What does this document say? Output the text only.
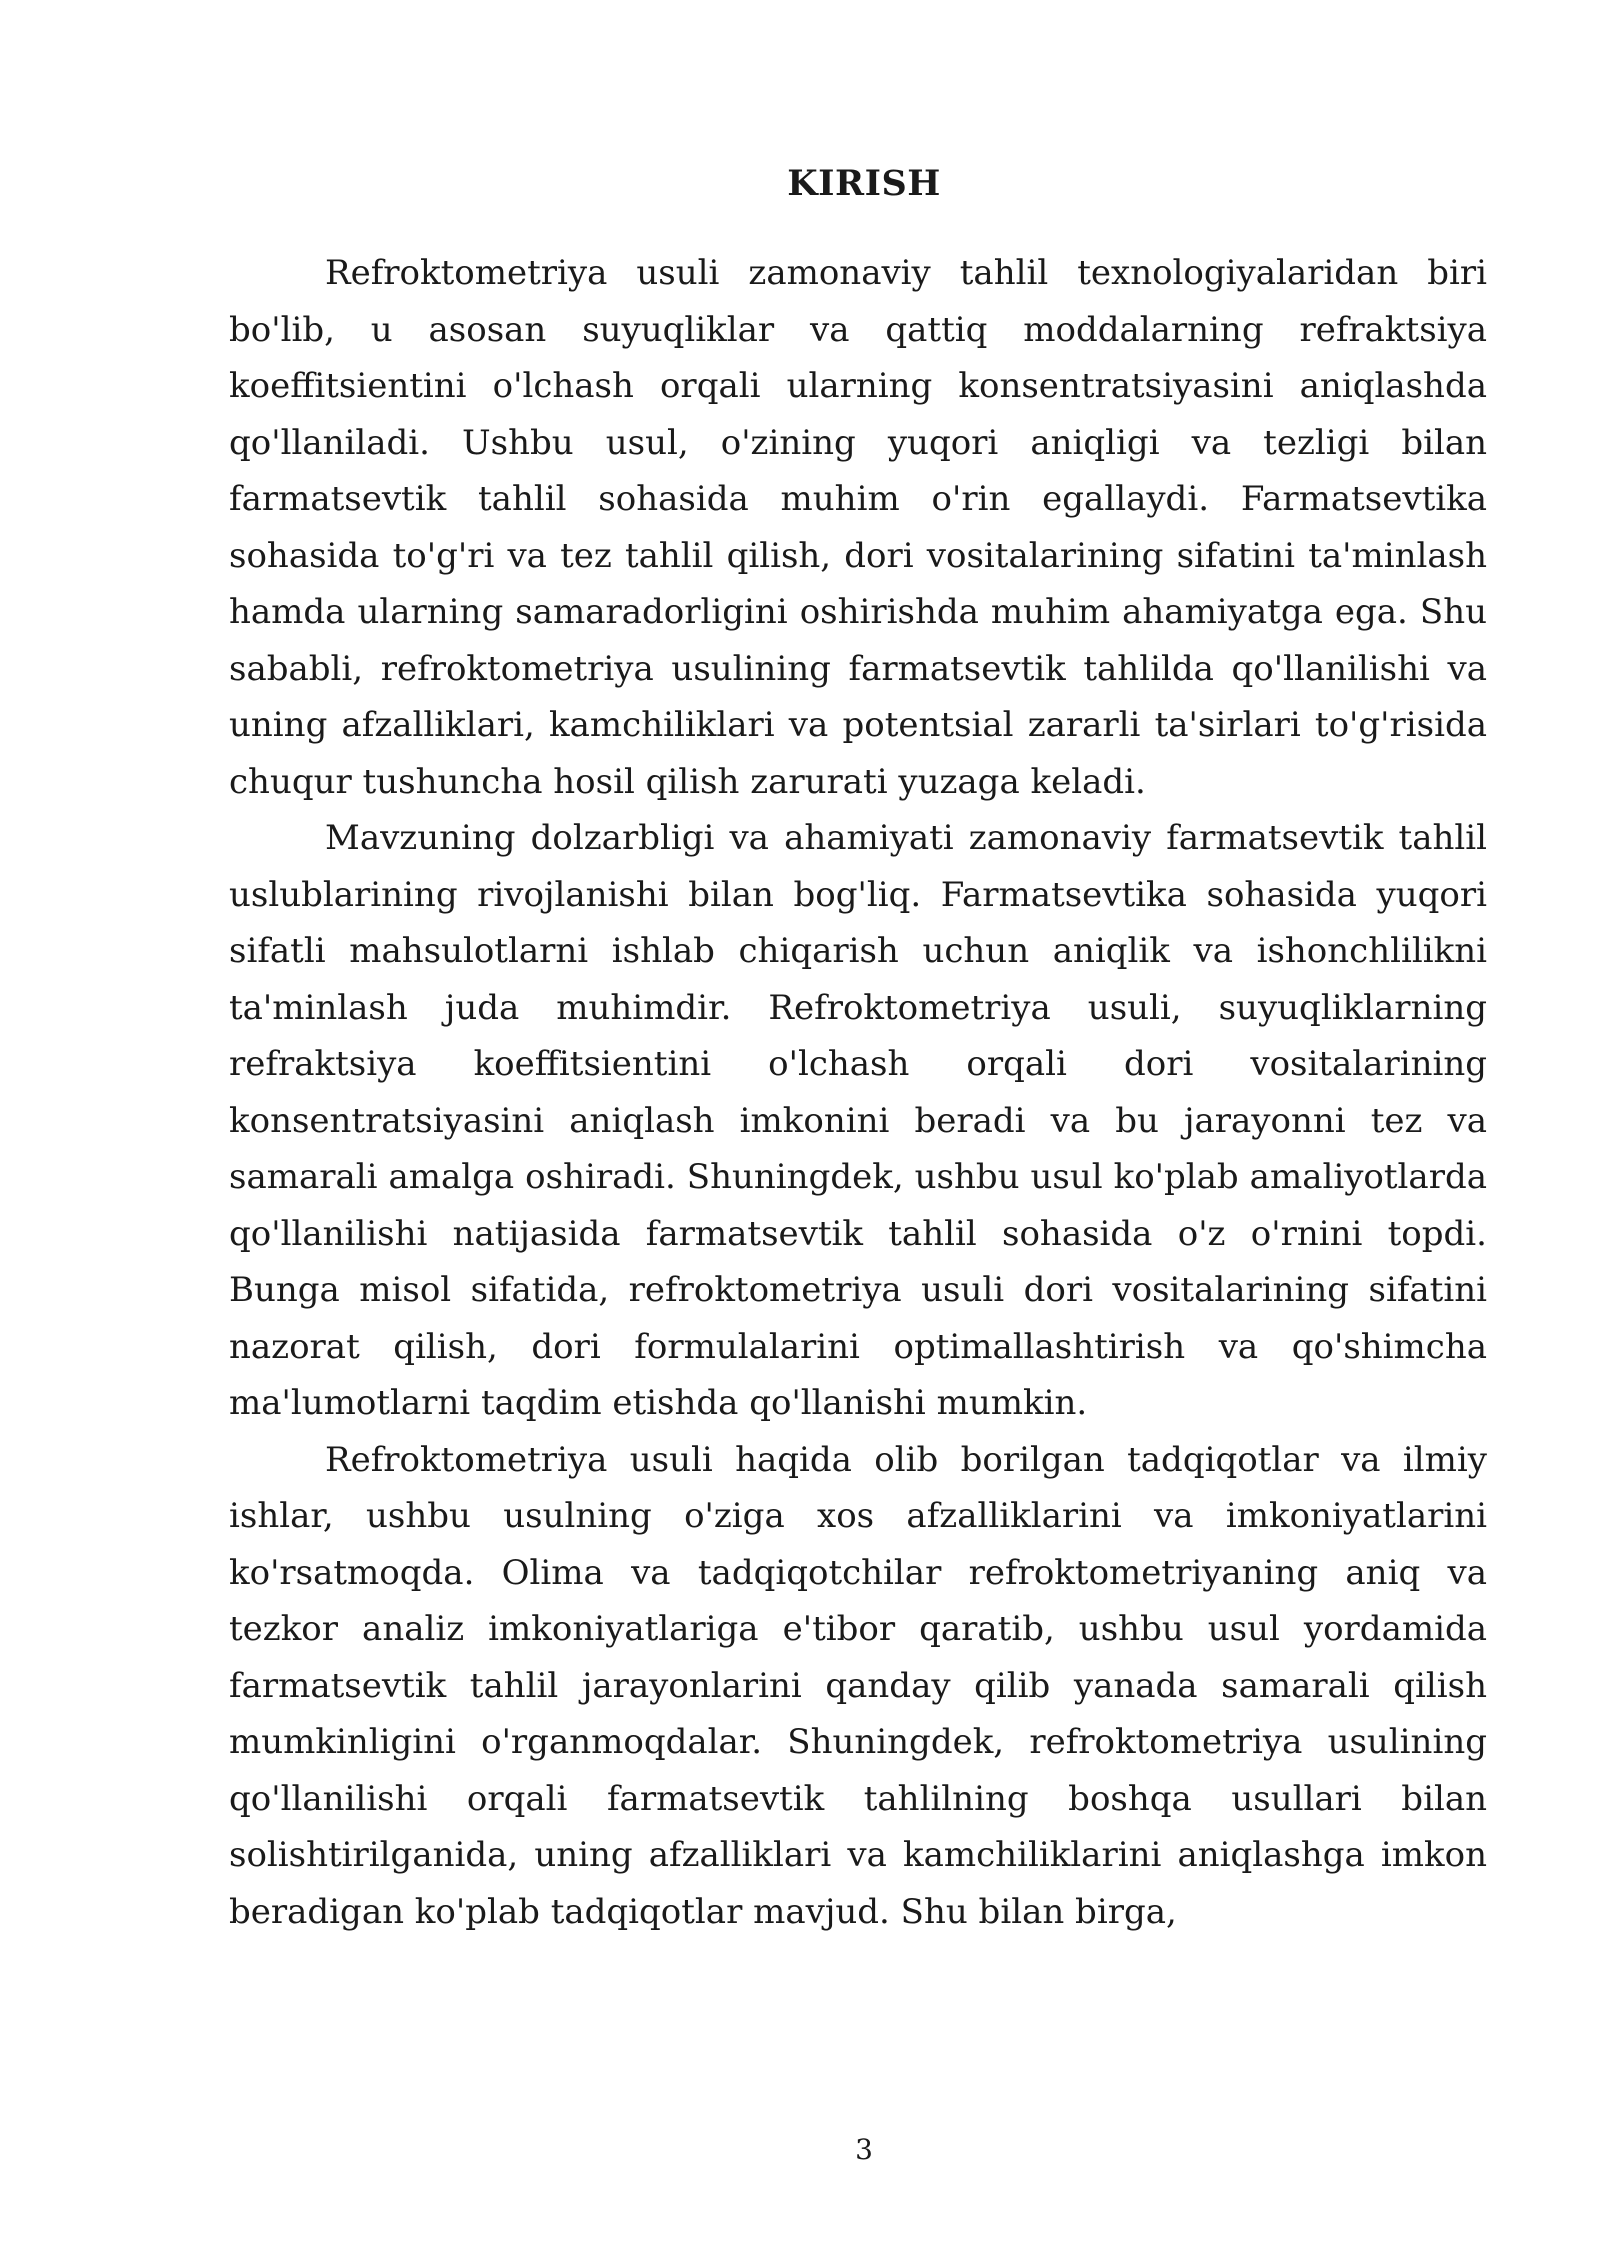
KIRISH

Refroktometriya usuli zamonaviy tahlil texnologiyalaridan biri bo'lib, u asosan suyuqliklar va qattiq moddalarning refraktsiya koeffitsientini o'lchash orqali ularning konsentratsiyasini aniqlashda qo'llaniladi. Ushbu usul, o'zining yuqori aniqligi va tezligi bilan farmatsevtik tahlil sohasida muhim o'rin egallaydi. Farmatsevtika sohasida to'g'ri va tez tahlil qilish, dori vositalarining sifatini ta'minlash hamda ularning samaradorligini oshirishda muhim ahamiyatga ega. Shu sababli, refroktometriya usulining farmatsevtik tahlilda qo'llanilishi va uning afzalliklari, kamchiliklari va potentsial zararli ta'sirlari to'g'risida chuqur tushuncha hosil qilish zarurati yuzaga keladi.

Mavzuning dolzarbligi va ahamiyati zamonaviy farmatsevtik tahlil uslublarining rivojlanishi bilan bog'liq. Farmatsevtika sohasida yuqori sifatli mahsulotlarni ishlab chiqarish uchun aniqlik va ishonchlilikni ta'minlash juda muhimdir. Refroktometriya usuli, suyuqliklarning refraktsiya koeffitsientini o'lchash orqali dori vositalarining konsentratsiyasini aniqlash imkonini beradi va bu jarayonni tez va samarali amalga oshiradi. Shuningdek, ushbu usul ko'plab amaliyotlarda qo'llanilishi natijasida farmatsevtik tahlil sohasida o'z o'rnini topdi. Bunga misol sifatida, refroktometriya usuli dori vositalarining sifatini nazorat qilish, dori formulalarini optimallashtirish va qo'shimcha ma'lumotlarni taqdim etishda qo'llanishi mumkin.

Refroktometriya usuli haqida olib borilgan tadqiqotlar va ilmiy ishlar, ushbu usulning o'ziga xos afzalliklarini va imkoniyatlarini ko'rsatmoqda. Olima va tadqiqotchilar refroktometriyaning aniq va tezkor analiz imkoniyatlariga e'tibor qaratib, ushbu usul yordamida farmatsevtik tahlil jarayonlarini qanday qilib yanada samarali qilish mumkinligini o'rganmoqdalar. Shuningdek, refroktometriya usulining qo'llanilishi orqali farmatsevtik tahlilning boshqa usullari bilan solishtirilganida, uning afzalliklari va kamchiliklarini aniqlashga imkon beradigan ko'plab tadqiqotlar mavjud. Shu bilan birga,

3
